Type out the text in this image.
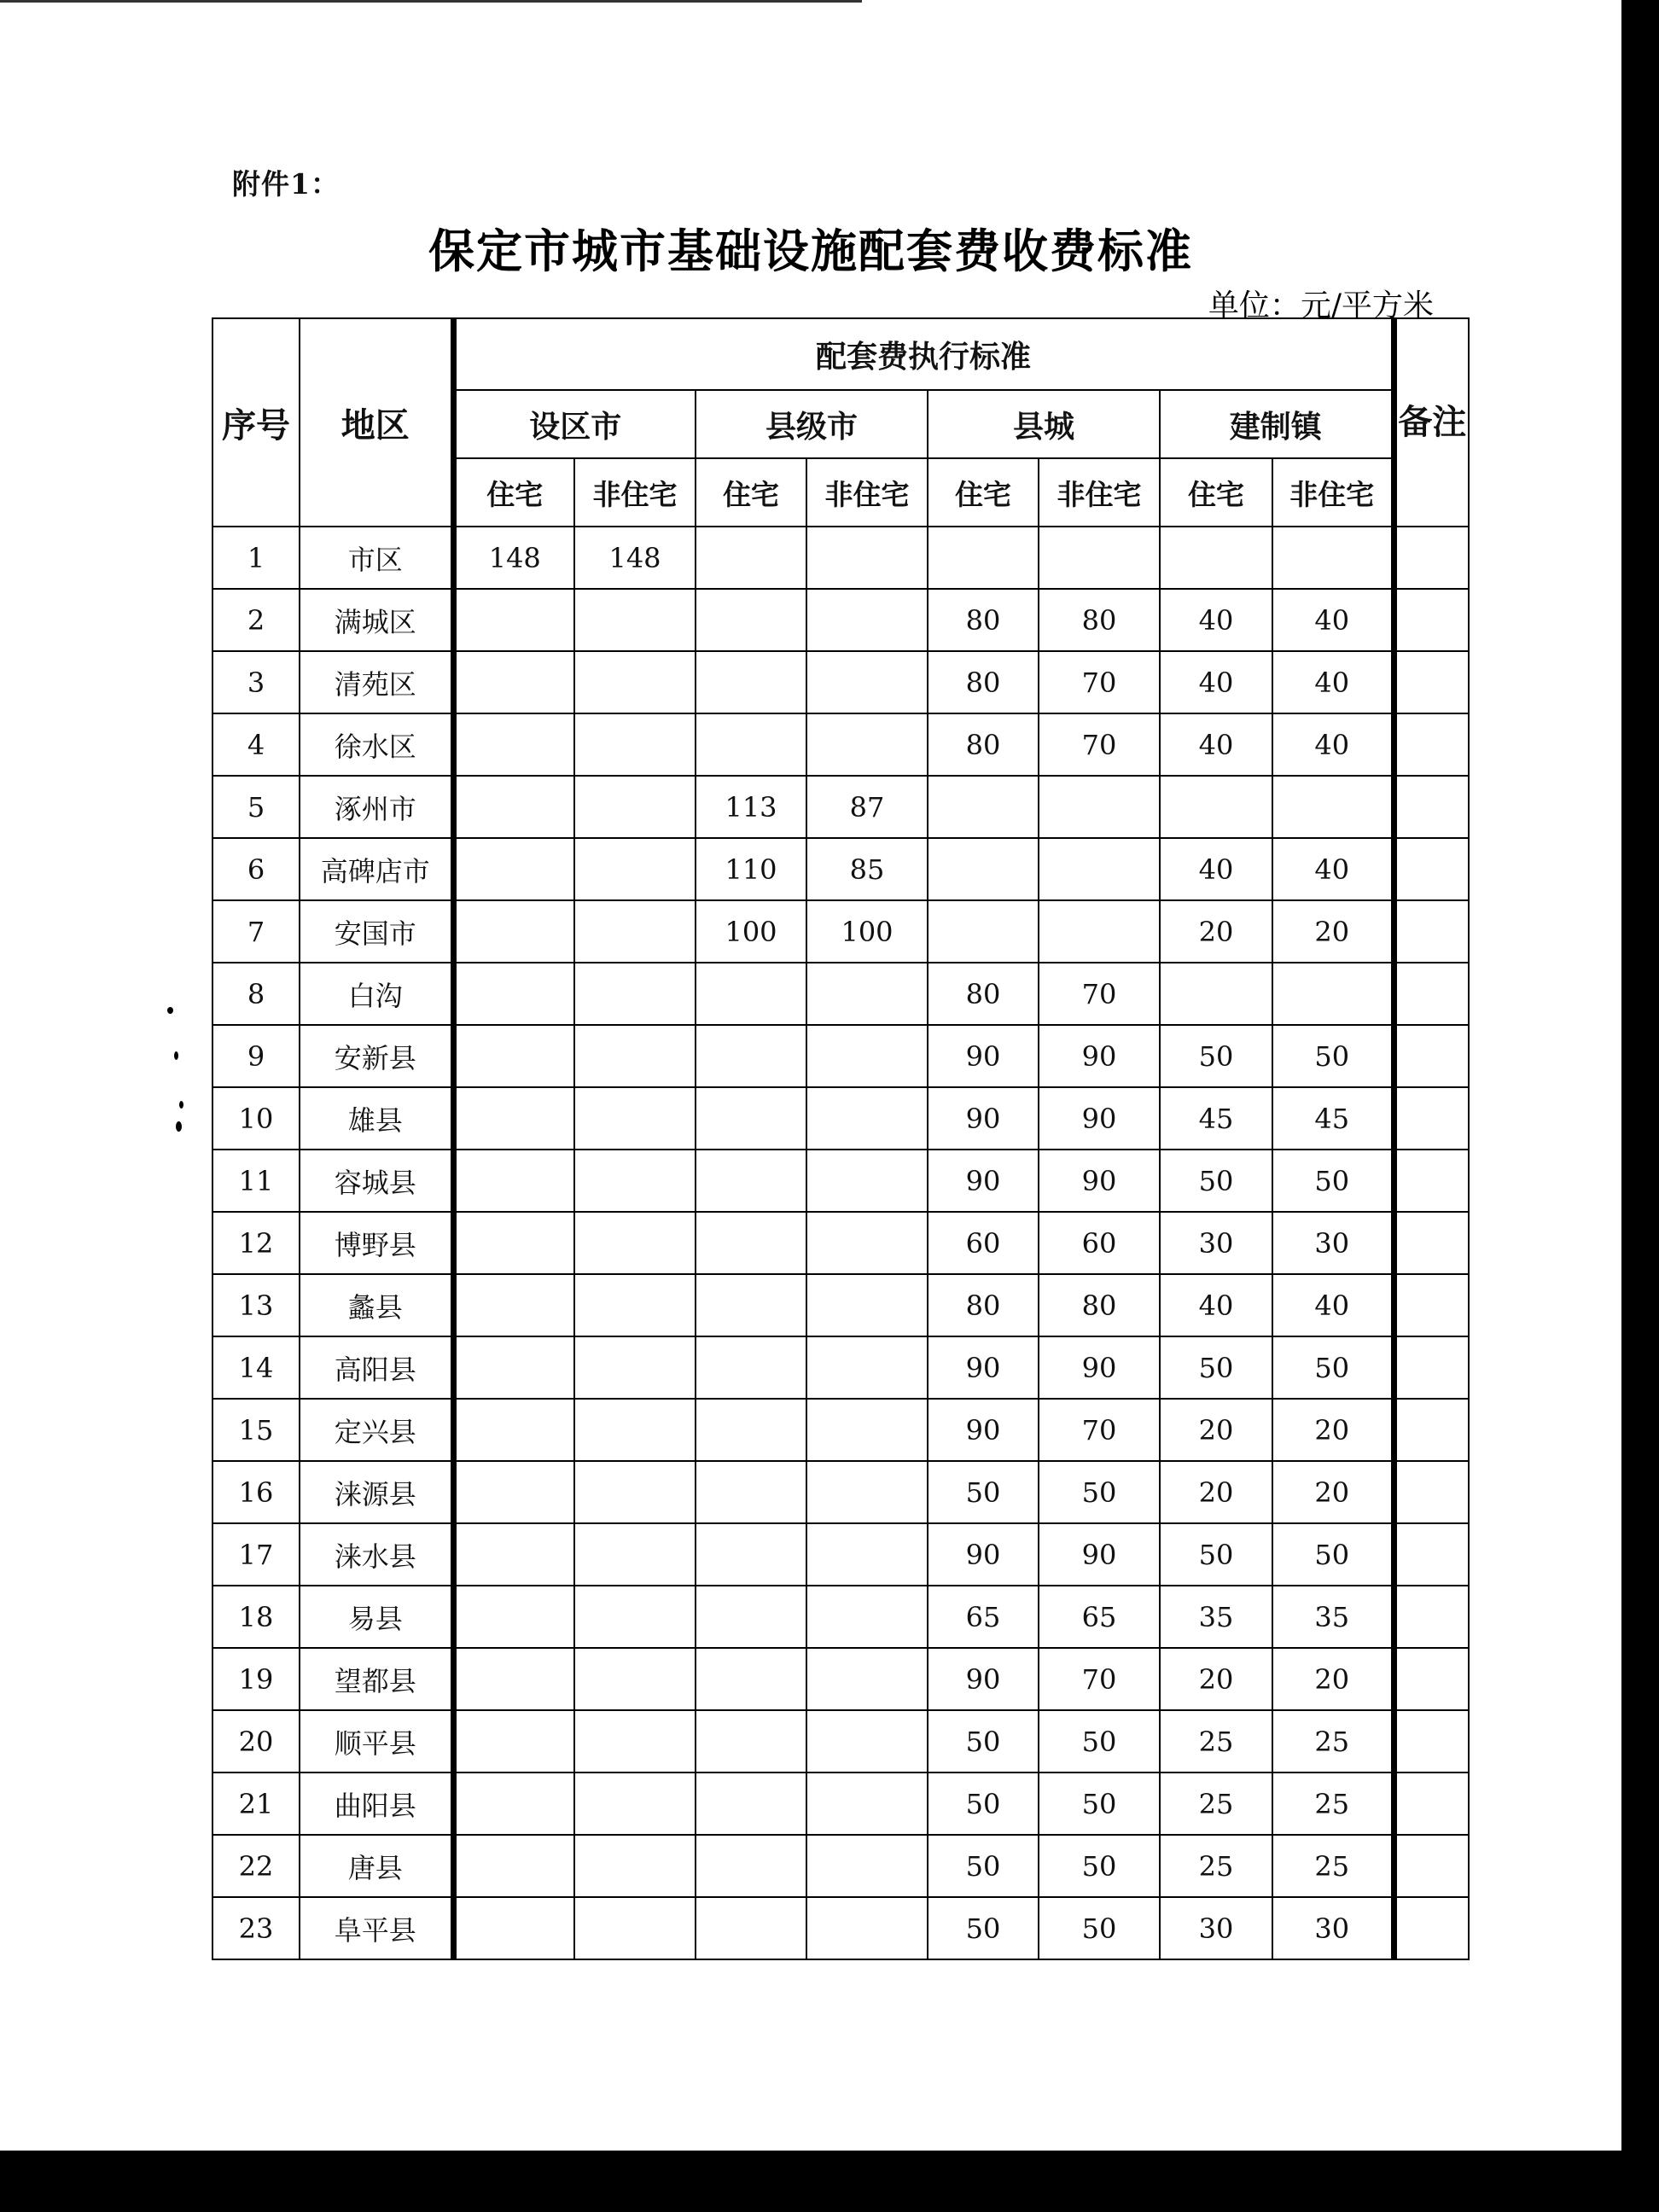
附件1：
保定市城市基础设施配套费收费标准
单位：元/平方米
序号	地区	配套费执行标准								备注
		设区市		县级市		县城		建制镇		
		住宅	非住宅	住宅	非住宅	住宅	非住宅	住宅	非住宅	
1	市区	148	148							
2	满城区					80	80	40	40	
3	清苑区					80	70	40	40	
4	徐水区					80	70	40	40	
5	涿州市			113	87					
6	高碑店市			110	85			40	40	
7	安国市			100	100			20	20	
8	白沟					80	70			
9	安新县					90	90	50	50	
10	雄县					90	90	45	45	
11	容城县					90	90	50	50	
12	博野县					60	60	30	30	
13	蠡县					80	80	40	40	
14	高阳县					90	90	50	50	
15	定兴县					90	70	20	20	
16	涞源县					50	50	20	20	
17	涞水县					90	90	50	50	
18	易县					65	65	35	35	
19	望都县					90	70	20	20	
20	顺平县					50	50	25	25	
21	曲阳县					50	50	25	25	
22	唐县					50	50	25	25	
23	阜平县					50	50	30	30	
